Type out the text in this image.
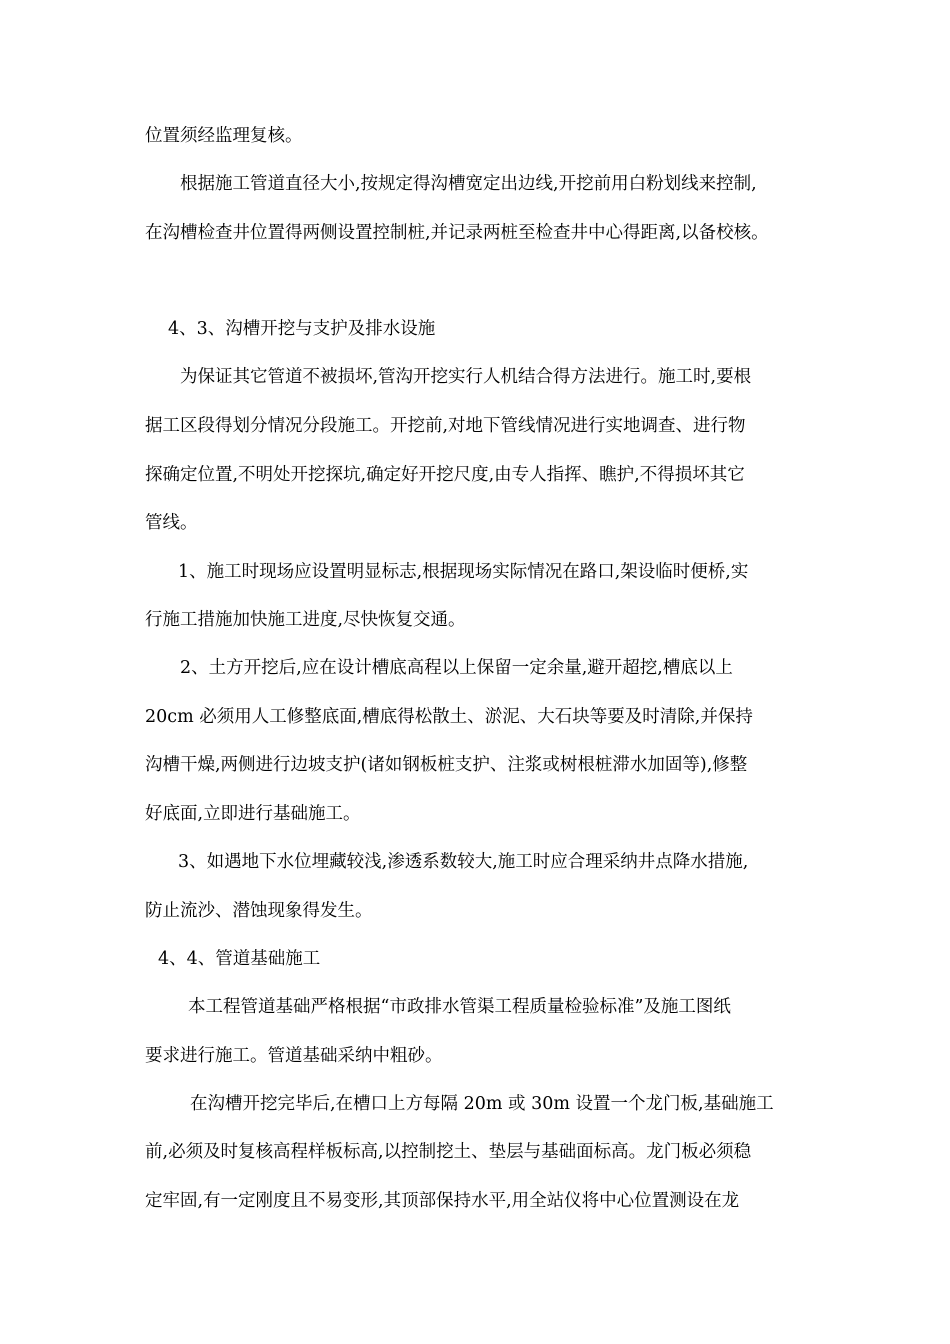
位置须经监理复核。
根据施工管道直径大小,按规定得沟槽宽定出边线,开挖前用白粉划线来控制,
在沟槽检查井位置得两侧设置控制桩,并记录两桩至检查井中心得距离,以备校核。
4、3、沟槽开挖与支护及排水设施
为保证其它管道不被损坏,管沟开挖实行人机结合得方法进行。施工时,要根
据工区段得划分情况分段施工。开挖前,对地下管线情况进行实地调查、进行物
探确定位置,不明处开挖探坑,确定好开挖尺度,由专人指挥、瞧护,不得损坏其它
管线。
1、施工时现场应设置明显标志,根据现场实际情况在路口,架设临时便桥,实
行施工措施加快施工进度,尽快恢复交通。
2、土方开挖后,应在设计槽底高程以上保留一定余量,避开超挖,槽底以上
20cm 必须用人工修整底面,槽底得松散土、淤泥、大石块等要及时清除,并保持
沟槽干燥,两侧进行边坡支护(诸如钢板桩支护、注浆或树根桩滞水加固等),修整
好底面,立即进行基础施工。
3、如遇地下水位埋藏较浅,渗透系数较大,施工时应合理采纳井点降水措施,
防止流沙、潜蚀现象得发生。
4、4、管道基础施工
本工程管道基础严格根据“市政排水管渠工程质量检验标准”及施工图纸
要求进行施工。管道基础采纳中粗砂。
在沟槽开挖完毕后,在槽口上方每隔 20m 或 30m 设置一个龙门板,基础施工
前,必须及时复核高程样板标高,以控制挖土、垫层与基础面标高。龙门板必须稳
定牢固,有一定刚度且不易变形,其顶部保持水平,用全站仪将中心位置测设在龙
